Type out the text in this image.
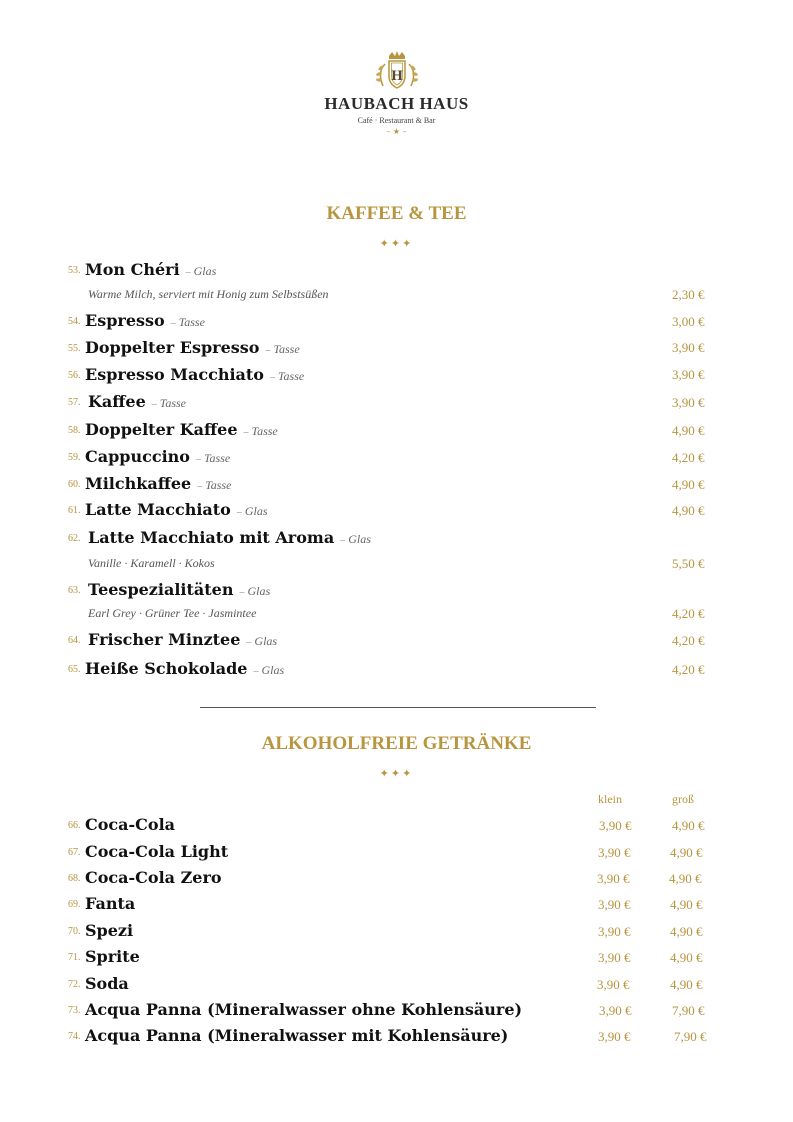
H
HAUBACH HAUS
Café · Restaurant & Bar
– ★ –
KAFFEE & TEE
✦✦✦
53. Mon Chéri – Glas
Warme Milch, serviert mit Honig zum Selbstsüßen	2,30 €
54. Espresso – Tasse	3,00 €
55. Doppelter Espresso – Tasse	3,90 €
56. Espresso Macchiato – Tasse	3,90 €
57. Kaffee – Tasse	3,90 €
58. Doppelter Kaffee – Tasse	4,90 €
59. Cappuccino – Tasse	4,20 €
60. Milchkaffee – Tasse	4,90 €
61. Latte Macchiato – Glas	4,90 €
62. Latte Macchiato mit Aroma – Glas
Vanille · Karamell · Kokos	5,50 €
63. Teespezialitäten – Glas
Earl Grey · Grüner Tee · Jasmintee	4,20 €
64. Frischer Minztee – Glas	4,20 €
65. Heiße Schokolade – Glas	4,20 €
ALKOHOLFREIE GETRÄNKE
✦✦✦
klein	groß
66. Coca-Cola	3,90 €	4,90 €
67. Coca-Cola Light	3,90 €	4,90 €
68. Coca-Cola Zero	3,90 €	4,90 €
69. Fanta	3,90 €	4,90 €
70. Spezi	3,90 €	4,90 €
71. Sprite	3,90 €	4,90 €
72. Soda	3,90 €	4,90 €
73. Acqua Panna (Mineralwasser ohne Kohlensäure)	3,90 €	7,90 €
74. Acqua Panna (Mineralwasser mit Kohlensäure)	3,90 €	7,90 €
